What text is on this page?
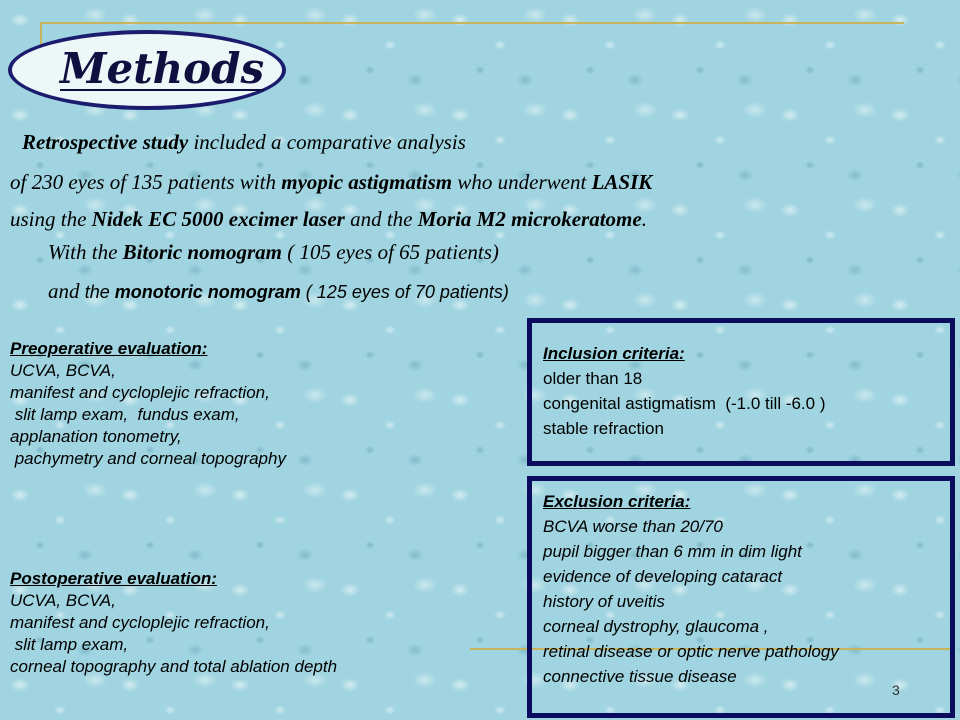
Methods
Retrospective study included a comparative analysis
of 230 eyes of 135 patients with myopic astigmatism who underwent LASIK
using the Nidek EC 5000 excimer laser and the Moria M2 microkeratome.
With the Bitoric nomogram ( 105 eyes of 65 patients)
and the monotoric nomogram ( 125 eyes of 70 patients)
Preoperative evaluation:
UCVA, BCVA,
manifest and cycloplejic refraction,
slit lamp exam,  fundus exam,
applanation tonometry,
pachymetry and corneal topography
Postoperative evaluation:
UCVA, BCVA,
manifest and cycloplejic refraction,
slit lamp exam,
corneal topography and total ablation depth
Inclusion criteria:
older than 18
congenital astigmatism  (-1.0 till -6.0 )
stable refraction
Exclusion criteria:
BCVA worse than 20/70
pupil bigger than 6 mm in dim light
evidence of developing cataract
history of uveitis
corneal dystrophy, glaucoma ,
retinal disease or optic nerve pathology
connective tissue disease
3
